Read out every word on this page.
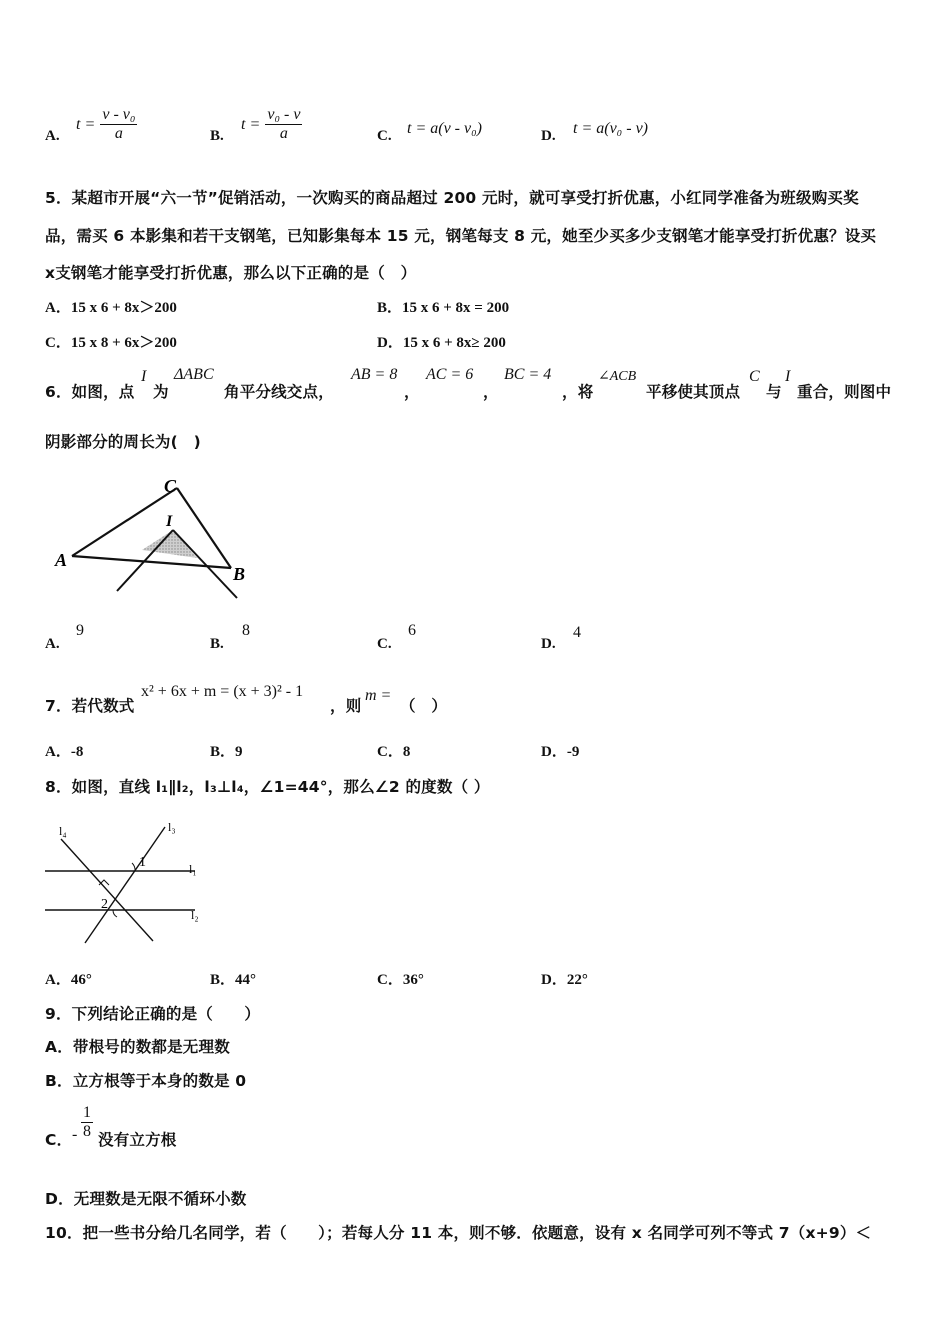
A.
$t = \frac{\text{v - v₀}}{a}$	B.
$t = \frac{\text{v₀ - v}}{a}$	C. t = a(v - v₀)	D. t = a(v₀ - v)
5．某超市开展“六一节”促销活动，一次购买的商品超过 200 元时，就可享受打折优惠，小红同学准备为班级购买奖
品，需买 6 本影集和若干支钢笔，已知影集每本 15 元，钢笔每支 8 元，她至少买多少支钢笔才能享受打折优惠？设买
x支钢笔才能享受打折优惠，那么以下正确的是（　）
A．15 x 6 + 8x＞200	B．15 x 6 + 8x = 200
C．15 x 8 + 6x＞200	D．15 x 6 + 8x≥ 200
6．如图，点
I
为
ΔABC
角平分线交点，
AB = 8
，
AC = 6
，
BC = 4
，将
∠ACB
平移使其顶点
C
与
I
重合，则图中
阴影部分的周长为(　)
C
I
A
B
A.
9
B.
8
C.
6
D.
4
7．若代数式
x² + 6x + m = (x + 3)² - 1
，则
m =
（　）
A．-8	B．9	C．8	D．-9
8．如图，直线 l₁∥l₂，l₃⊥l₄，∠1=44°，那么∠2 的度数（ ）
l₄	l₃
l₁
l₂
1
2
A．46°	B．44°	C．36°	D．22°
9．下列结论正确的是（　　）
A．带根号的数都是无理数
B．立方根等于本身的数是 0
C． - $\frac{1}{8}$ 没有立方根
D．无理数是无限不循环小数
10．把一些书分给几名同学，若（　　）；若每人分 11 本，则不够．依题意，设有 x 名同学可列不等式 7（x+9）＜
